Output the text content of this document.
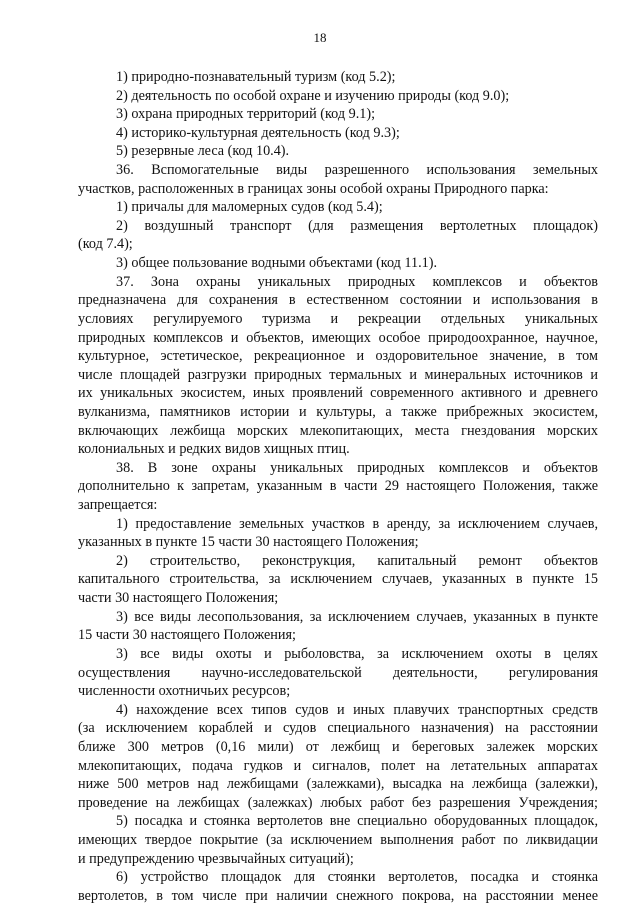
18
1) природно-познавательный туризм (код 5.2);
2) деятельность по особой охране и изучению природы (код 9.0);
3) охрана природных территорий (код 9.1);
4) историко-культурная деятельность (код 9.3);
5) резервные леса (код 10.4).
36. Вспомогательные виды разрешенного использования земельных
участков, расположенных в границах зоны особой охраны Природного парка:
1) причалы для маломерных судов (код 5.4);
2) воздушный транспорт (для размещения вертолетных площадок)
(код 7.4);
3) общее пользование водными объектами (код 11.1).
37. Зона охраны уникальных природных комплексов и объектов
предназначена для сохранения в естественном состоянии и использования в
условиях регулируемого туризма и рекреации отдельных уникальных
природных комплексов и объектов, имеющих особое природоохранное, научное,
культурное, эстетическое, рекреационное и оздоровительное значение, в том
числе площадей разгрузки природных термальных и минеральных источников и
их уникальных экосистем, иных проявлений современного активного и древнего
вулканизма, памятников истории и культуры, а также прибрежных экосистем,
включающих лежбища морских млекопитающих, места гнездования морских
колониальных и редких видов хищных птиц.
38. В зоне охраны уникальных природных комплексов и объектов
дополнительно к запретам, указанным в части 29 настоящего Положения, также
запрещается:
1) предоставление земельных участков в аренду, за исключением случаев,
указанных в пункте 15 части 30 настоящего Положения;
2) строительство, реконструкция, капитальный ремонт объектов
капитального строительства, за исключением случаев, указанных в пункте 15
части 30 настоящего Положения;
3) все виды лесопользования, за исключением случаев, указанных в пункте
15 части 30 настоящего Положения;
3) все виды охоты и рыболовства, за исключением охоты в целях
осуществления научно-исследовательской деятельности, регулирования
численности охотничьих ресурсов;
4) нахождение всех типов судов и иных плавучих транспортных средств
(за исключением кораблей и судов специального назначения) на расстоянии
ближе 300 метров (0,16 мили) от лежбищ и береговых залежек морских
млекопитающих, подача гудков и сигналов, полет на летательных аппаратах
ниже 500 метров над лежбищами (залежками), высадка на лежбища (залежки),
проведение на лежбищах (залежках) любых работ без разрешения Учреждения;
5) посадка и стоянка вертолетов вне специально оборудованных площадок,
имеющих твердое покрытие (за исключением выполнения работ по ликвидации
и предупреждению чрезвычайных ситуаций);
6) устройство площадок для стоянки вертолетов, посадка и стоянка
вертолетов, в том числе при наличии снежного покрова, на расстоянии менее
